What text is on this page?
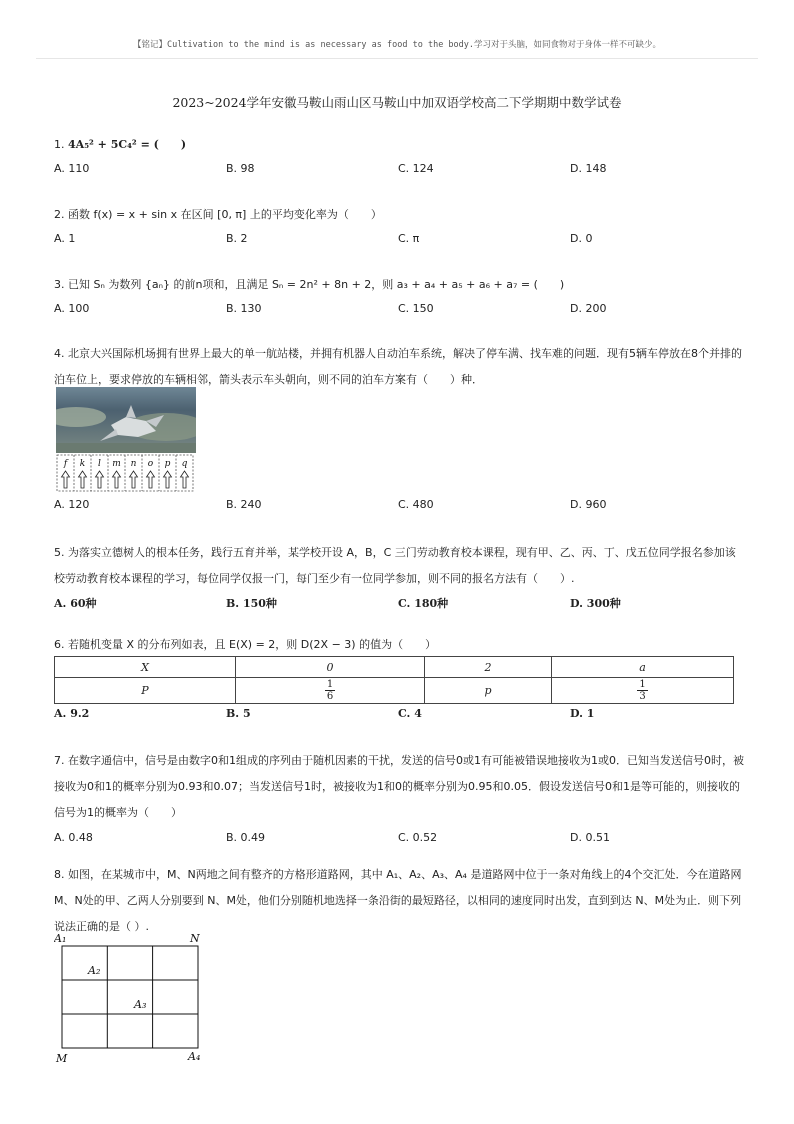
【铭记】Cultivation to the mind is as necessary as food to the body.学习对于头脑，如同食物对于身体一样不可缺少。
2023~2024学年安徽马鞍山雨山区马鞍山中加双语学校高二下学期期中数学试卷
1. 4A₅² + 5C₄² = (　　)
A. 110	B. 98	C. 124	D. 148
2. 函数 f(x) = x + sin x 在区间 [0, π] 上的平均变化率为（　　）
A. 1	B. 2	C. π	D. 0
3. 已知 Sₙ 为数列 {aₙ} 的前n项和，且满足 Sₙ = 2n² + 8n + 2，则 a₃ + a₄ + a₅ + a₆ + a₇ = (　　)
A. 100	B. 130	C. 150	D. 200
4. 北京大兴国际机场拥有世界上最大的单一航站楼，并拥有机器人自动泊车系统，解决了停车满、找车难的问题．现有5辆车停放在8个并排的泊车位上，要求停放的车辆相邻，箭头表示车头朝向，则不同的泊车方案有（　　）种．
f k l m n o p q
A. 120	B. 240	C. 480	D. 960
5. 为落实立德树人的根本任务，践行五育并举，某学校开设 A，B，C 三门劳动教育校本课程，现有甲、乙、丙、丁、戊五位同学报名参加该校劳动教育校本课程的学习，每位同学仅报一门，每门至少有一位同学参加，则不同的报名方法有（　　）.
A. 60种	B. 150种	C. 180种	D. 300种
6. 若随机变量 X 的分布列如表，且 E(X) = 2，则 D(2X − 3) 的值为（　　）
X	0	2	a
P	$\frac{1}{6}$	p	$\frac{1}{3}$
A. 9.2	B. 5	C. 4	D. 1
7. 在数字通信中，信号是由数字0和1组成的序列由于随机因素的干扰，发送的信号0或1有可能被错误地接收为1或0．已知当发送信号0时，被接收为0和1的概率分别为0.93和0.07；当发送信号1时，被接收为1和0的概率分别为0.95和0.05．假设发送信号0和1是等可能的，则接收的信号为1的概率为（　　）
A. 0.48	B. 0.49	C. 0.52	D. 0.51
8. 如图，在某城市中，M、N两地之间有整齐的方格形道路网，其中 A₁、A₂、A₃、A₄ 是道路网中位于一条对角线上的4个交汇处．今在道路网 M、N处的甲、乙两人分别要到 N、M处，他们分别随机地选择一条沿街的最短路径，以相同的速度同时出发，直到到达 N、M处为止．则下列说法正确的是（ ）.
A₁	N
A₂
A₃
M	A₄
